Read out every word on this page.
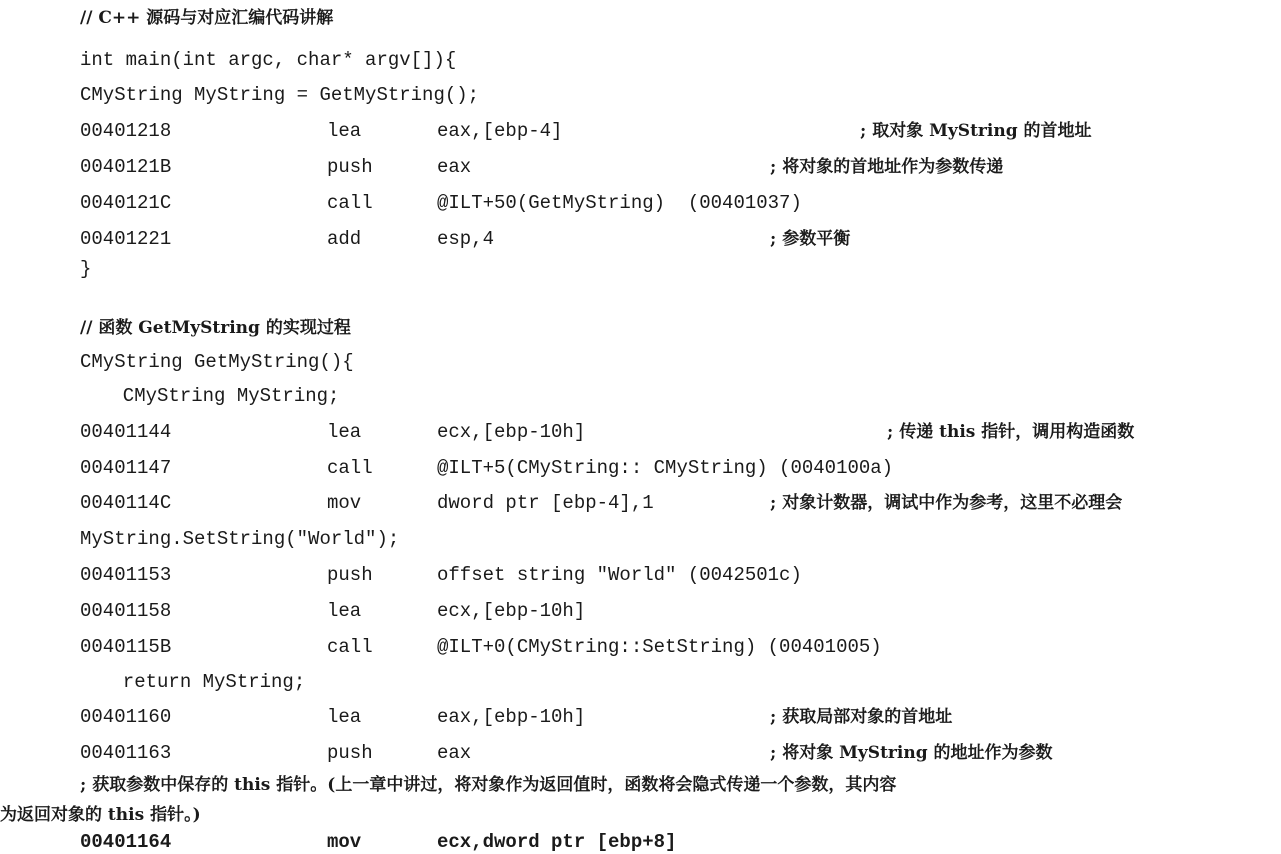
// C++ 源码与对应汇编代码讲解
int main(int argc, char* argv[]){
CMyString MyString = GetMyString();
00401218	lea	eax,[ebp-4]	; 取对象 MyString 的首地址
0040121B	push	eax	; 将对象的首地址作为参数传递
0040121C	call	@ILT+50(GetMyString)  (00401037)
00401221	add	esp,4	; 参数平衡
}
// 函数 GetMyString 的实现过程
CMyString GetMyString(){
CMyString MyString;
00401144	lea	ecx,[ebp-10h]	; 传递 this 指针，调用构造函数
00401147	call	@ILT+5(CMyString:: CMyString) (0040100a)
0040114C	mov	dword ptr [ebp-4],1	; 对象计数器，调试中作为参考，这里不必理会
MyString.SetString("World");
00401153	push	offset string "World" (0042501c)
00401158	lea	ecx,[ebp-10h]
0040115B	call	@ILT+0(CMyString::SetString) (00401005)
return MyString;
00401160	lea	eax,[ebp-10h]	; 获取局部对象的首地址
00401163	push	eax	; 将对象 MyString 的地址作为参数
; 获取参数中保存的 this 指针。(上一章中讲过，将对象作为返回值时，函数将会隐式传递一个参数，其内容
为返回对象的 this 指针。)
00401164	mov	ecx,dword ptr [ebp+8]
